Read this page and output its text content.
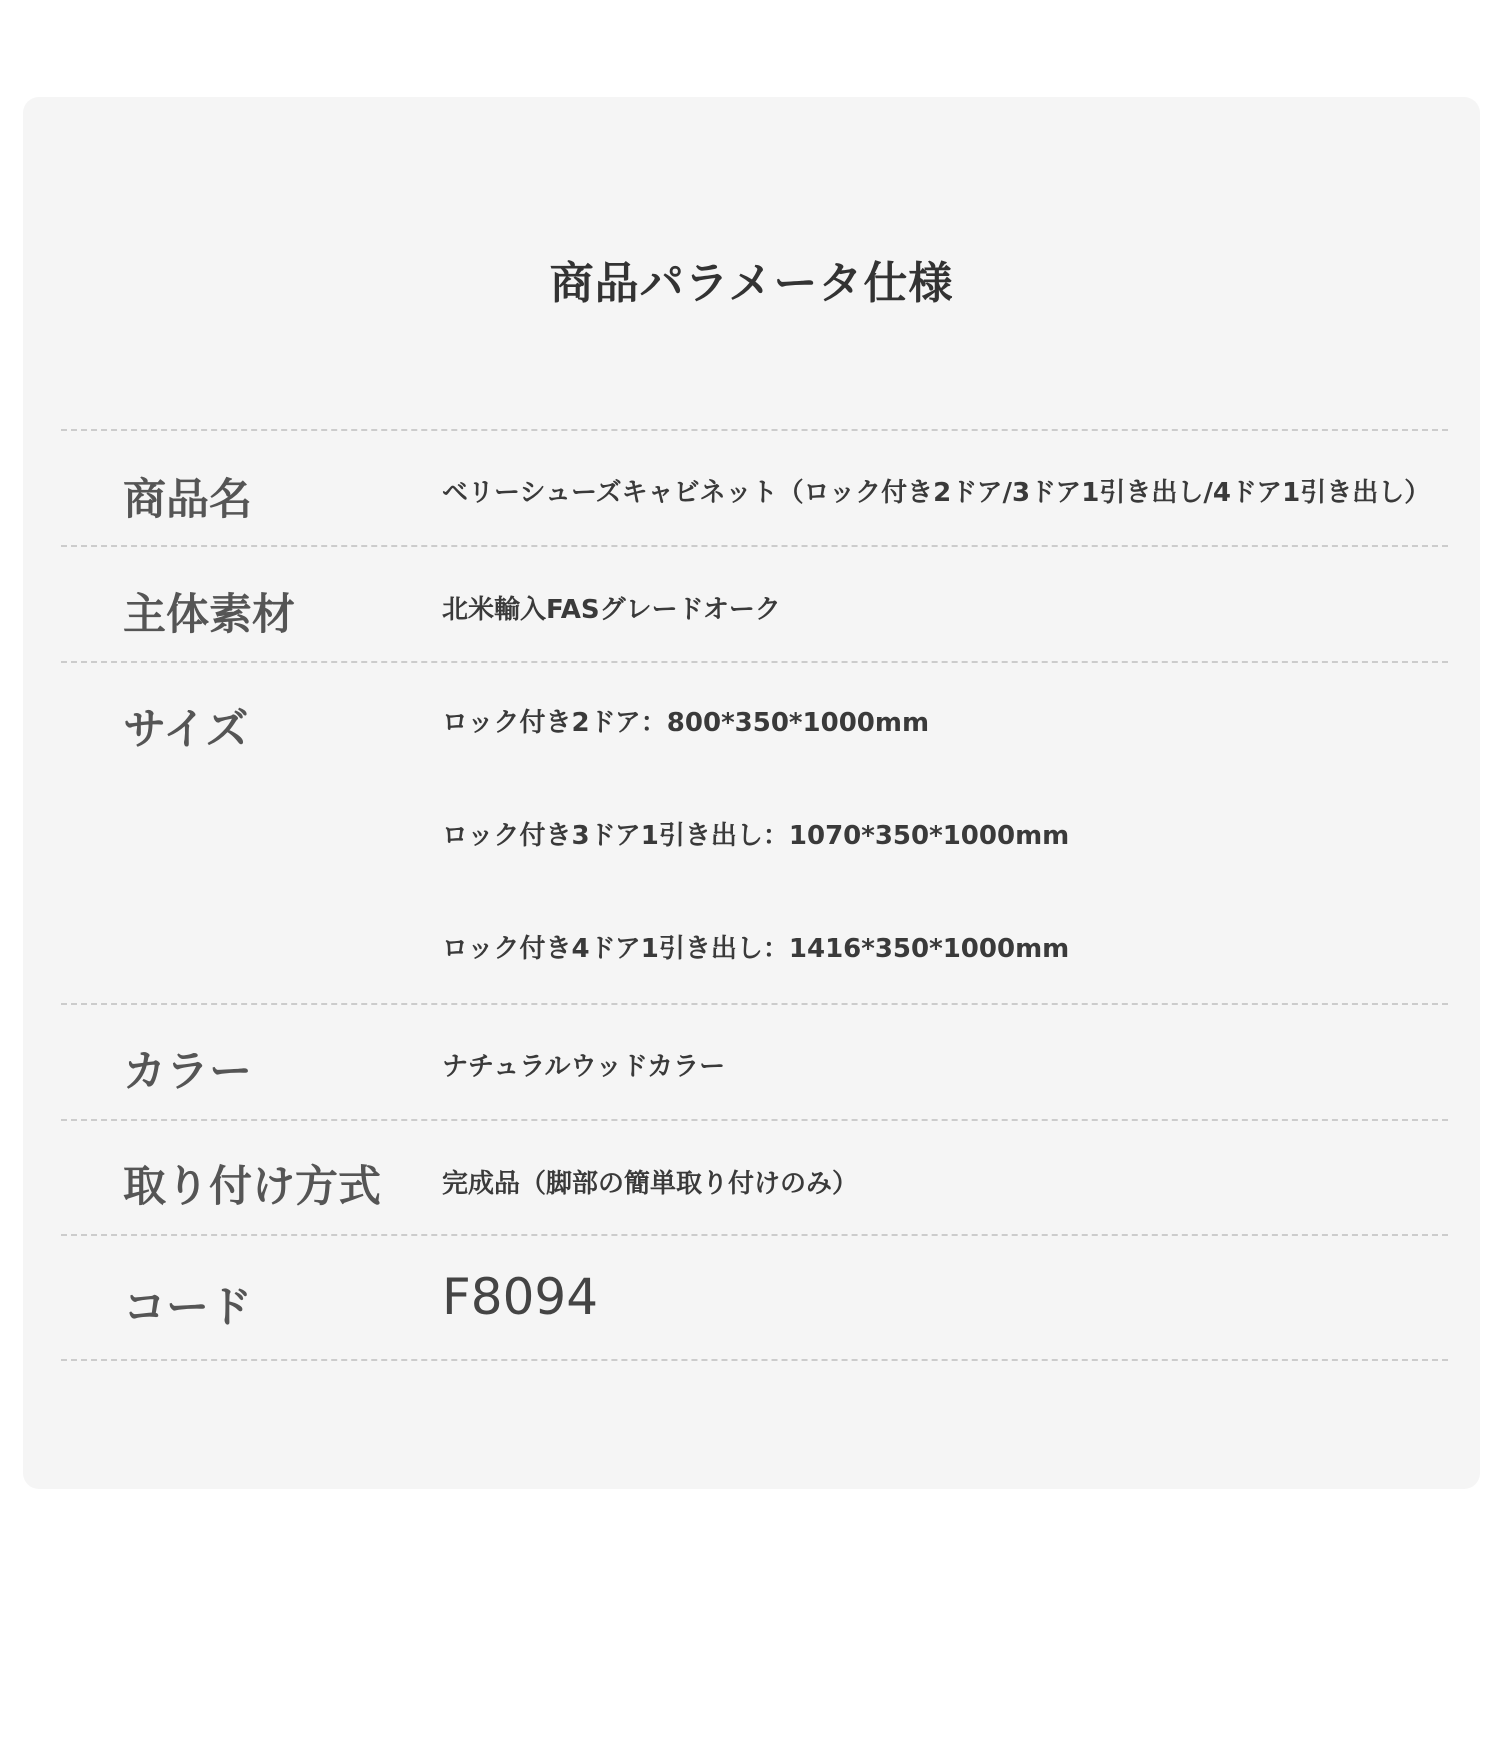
商品パラメータ仕様
商品名	ベリーシューズキャビネット（ロック付き2ドア/3ドア1引き出し/4ドア1引き出し）
主体素材	北米輸入FASグレードオーク
サイズ	ロック付き2ドア：800*350*1000mm
ロック付き3ドア1引き出し：1070*350*1000mm
ロック付き4ドア1引き出し：1416*350*1000mm
カラー	ナチュラルウッドカラー
取り付け方式 完成品（脚部の簡単取り付けのみ）
コード	F8094
